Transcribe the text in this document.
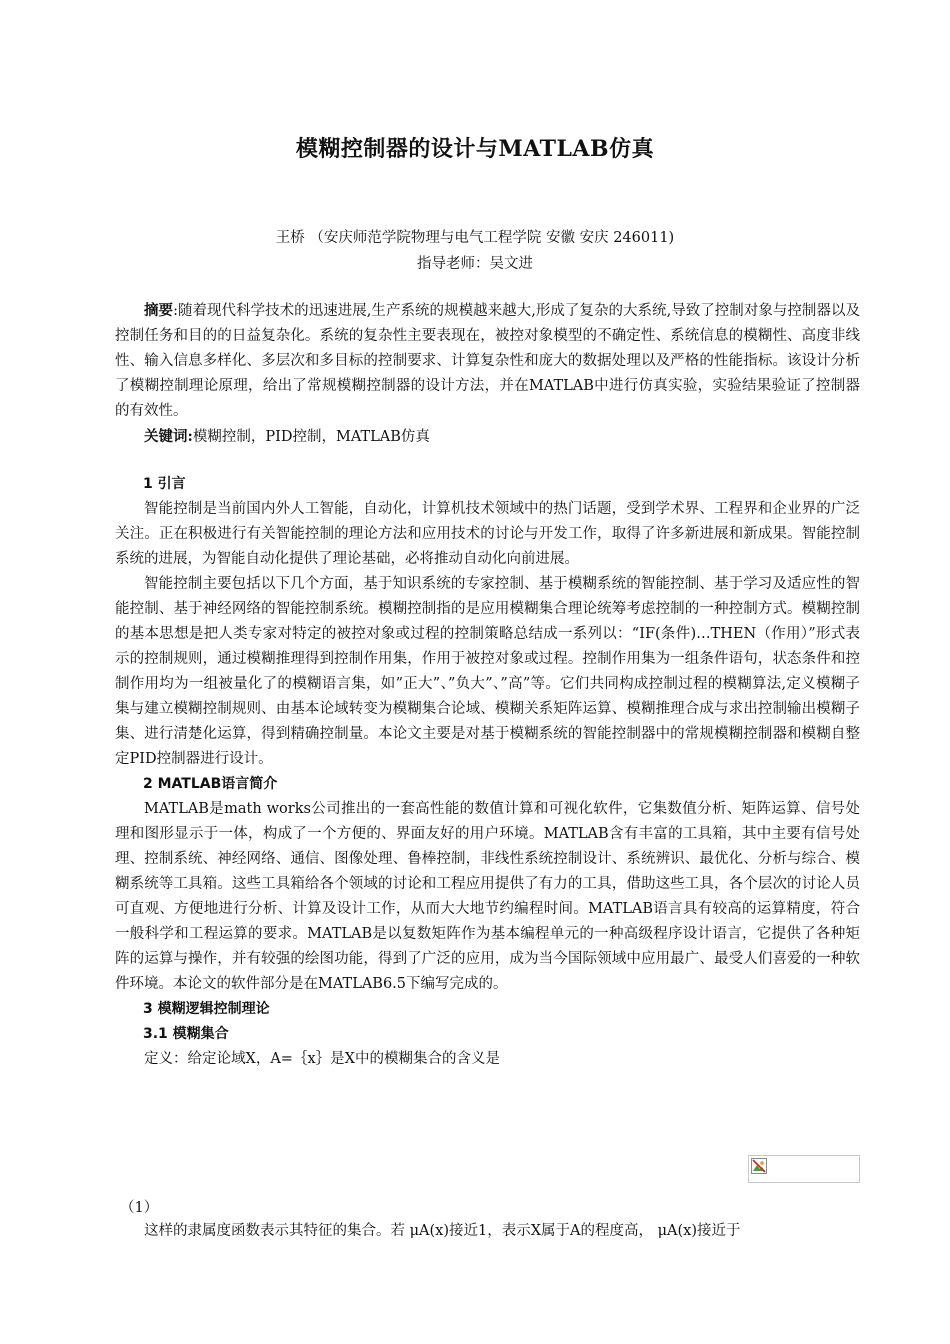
模糊控制器的设计与MATLAB仿真
王桥 （安庆师范学院物理与电气工程学院 安徽 安庆 246011)
指导老师：吴文进

摘要:随着现代科学技术的迅速进展,生产系统的规模越来越大,形成了复杂的大系统,导致了控制对象与控制器以及控制任务和目的的日益复杂化。系统的复杂性主要表现在，被控对象模型的不确定性、系统信息的模糊性、高度非线性、输入信息多样化、多层次和多目标的控制要求、计算复杂性和庞大的数据处理以及严格的性能指标。该设计分析了模糊控制理论原理，给出了常规模糊控制器的设计方法，并在MATLAB中进行仿真实验，实验结果验证了控制器的有效性。

关键词:模糊控制，PID控制，MATLAB仿真

1 引言

智能控制是当前国内外人工智能，自动化，计算机技术领域中的热门话题，受到学术界、工程界和企业界的广泛关注。正在积极进行有关智能控制的理论方法和应用技术的讨论与开发工作，取得了许多新进展和新成果。智能控制系统的进展，为智能自动化提供了理论基础，必将推动自动化向前进展。

智能控制主要包括以下几个方面，基于知识系统的专家控制、基于模糊系统的智能控制、基于学习及适应性的智能控制、基于神经网络的智能控制系统。模糊控制指的是应用模糊集合理论统筹考虑控制的一种控制方式。模糊控制的基本思想是把人类专家对特定的被控对象或过程的控制策略总结成一系列以：“IF(条件)…THEN（作用）”形式表示的控制规则，通过模糊推理得到控制作用集，作用于被控对象或过程。控制作用集为一组条件语句，状态条件和控制作用均为一组被量化了的模糊语言集，如”正大”、”负大”、”高”等。它们共同构成控制过程的模糊算法,定义模糊子集与建立模糊控制规则、由基本论域转变为模糊集合论域、模糊关系矩阵运算、模糊推理合成与求出控制输出模糊子集、进行清楚化运算，得到精确控制量。本论文主要是对基于模糊系统的智能控制器中的常规模糊控制器和模糊自整定PID控制器进行设计。

2 MATLAB语言简介

MATLAB是math works公司推出的一套高性能的数值计算和可视化软件，它集数值分析、矩阵运算、信号处理和图形显示于一体，构成了一个方便的、界面友好的用户环境。MATLAB含有丰富的工具箱，其中主要有信号处理、控制系统、神经网络、通信、图像处理、鲁棒控制，非线性系统控制设计、系统辨识、最优化、分析与综合、模糊系统等工具箱。这些工具箱给各个领域的讨论和工程应用提供了有力的工具，借助这些工具，各个层次的讨论人员可直观、方便地进行分析、计算及设计工作，从而大大地节约编程时间。MATLAB语言具有较高的运算精度，符合一般科学和工程运算的要求。MATLAB是以复数矩阵作为基本编程单元的一种高级程序设计语言，它提供了各种矩阵的运算与操作，并有较强的绘图功能，得到了广泛的应用，成为当今国际领域中应用最广、最受人们喜爱的一种软件环境。本论文的软件部分是在MATLAB6.5下编写完成的。

3 模糊逻辑控制理论

3.1 模糊集合

定义：给定论域X，A=｛x｝是X中的模糊集合的含义是

（1）

这样的隶属度函数表示其特征的集合。若 μA(x)接近1，表示X属于A的程度高， μA(x)接近于
